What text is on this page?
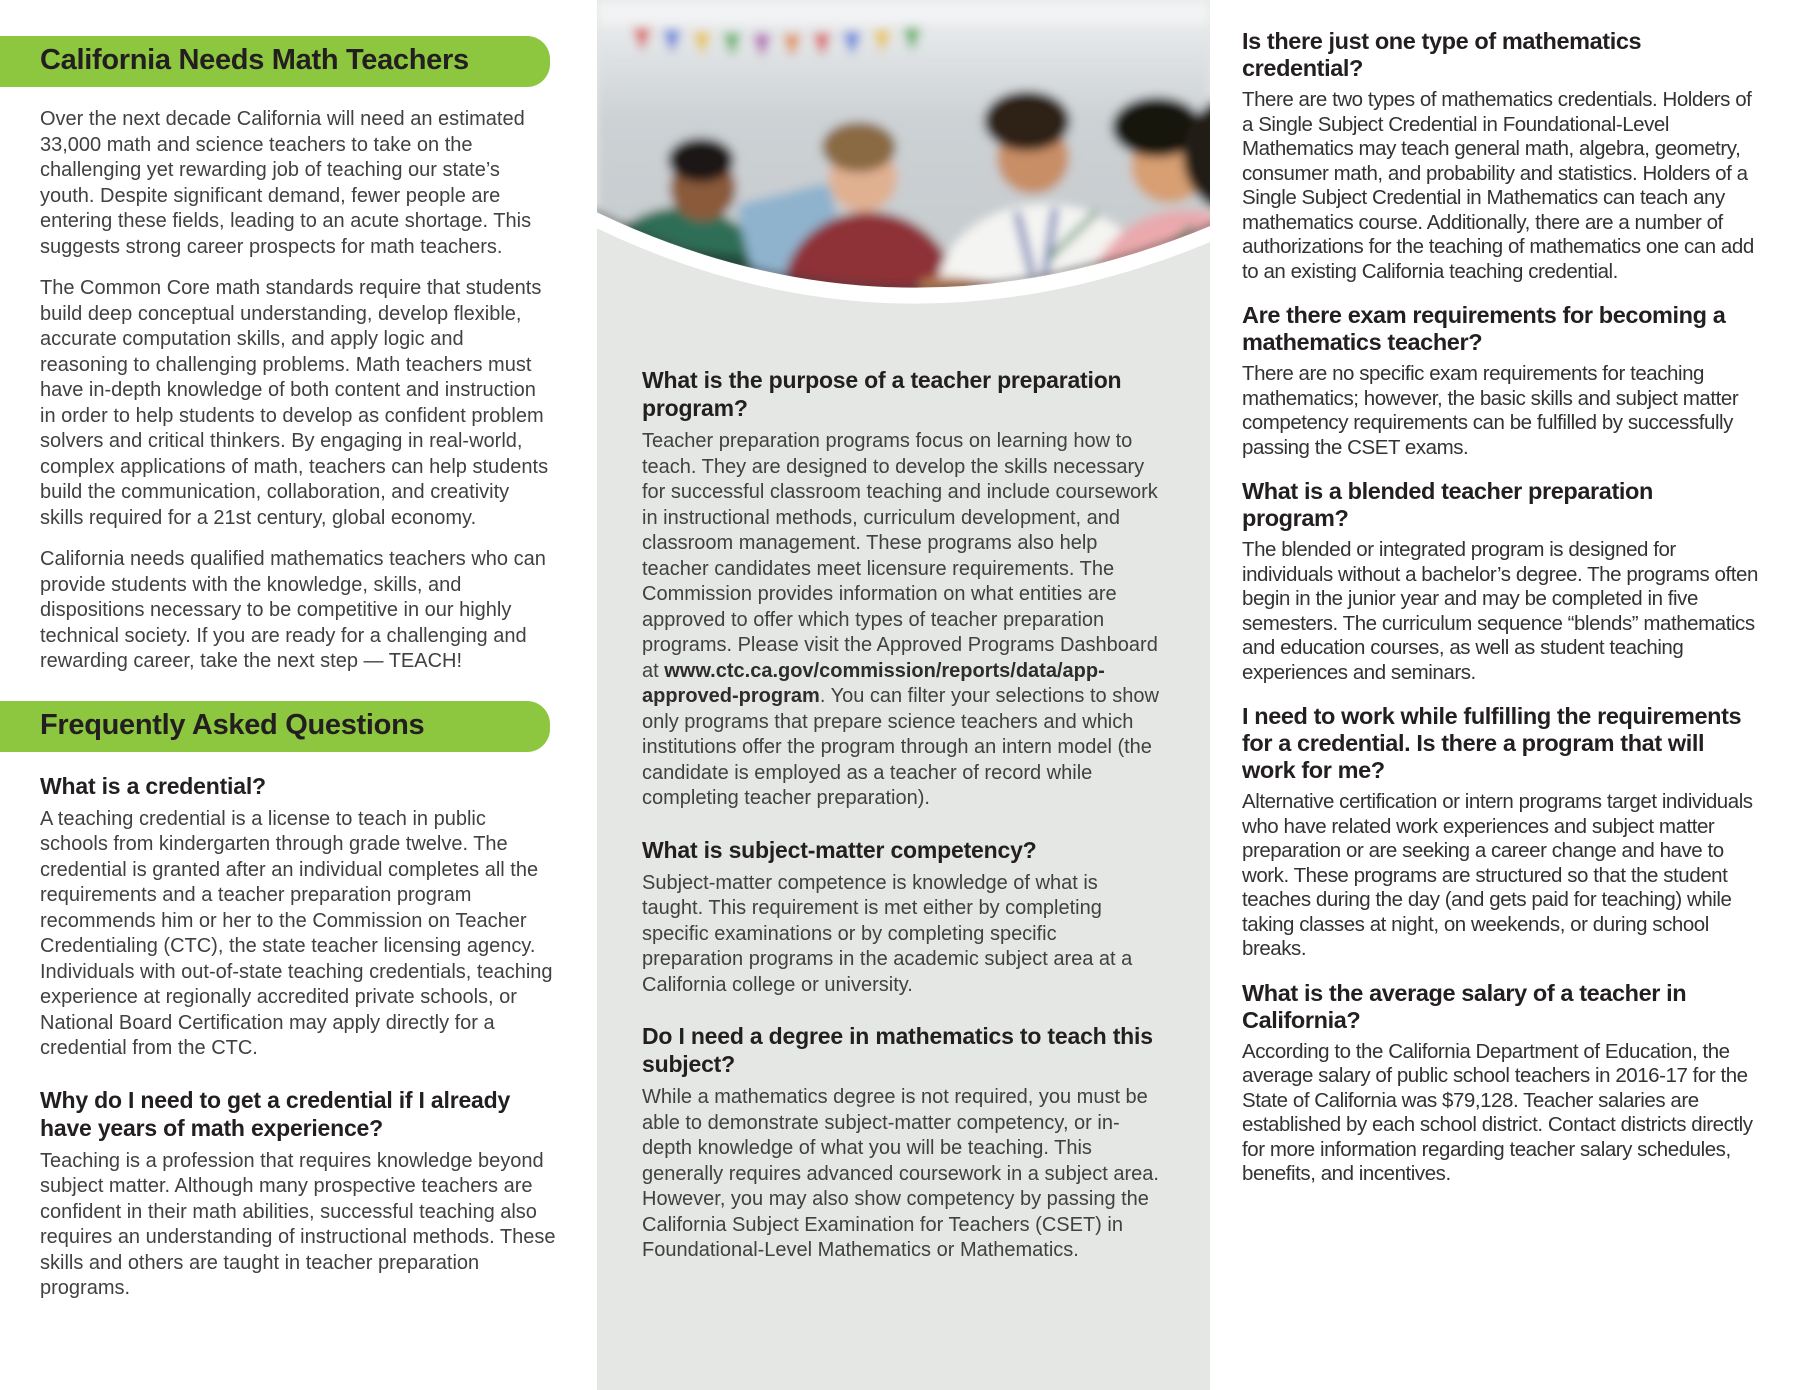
California Needs Math Teachers

Over the next decade California will need an estimated 33,000 math and science teachers to take on the challenging yet rewarding job of teaching our state’s youth. Despite significant demand, fewer people are entering these fields, leading to an acute shortage. This suggests strong career prospects for math teachers.

The Common Core math standards require that students build deep conceptual understanding, develop flexible, accurate computation skills, and apply logic and reasoning to challenging problems. Math teachers must have in-depth knowledge of both content and instruction in order to help students to develop as confident problem solvers and critical thinkers. By engaging in real-world, complex applications of math, teachers can help students build the communication, collaboration, and creativity skills required for a 21st century, global economy.

California needs qualified mathematics teachers who can provide students with the knowledge, skills, and dispositions necessary to be competitive in our highly technical society. If you are ready for a challenging and rewarding career, take the next step — TEACH!

Frequently Asked Questions
What is a credential?

A teaching credential is a license to teach in public schools from kindergarten through grade twelve. The credential is granted after an individual completes all the requirements and a teacher preparation program recommends him or her to the Commission on Teacher Credentialing (CTC), the state teacher licensing agency. Individuals with out-of-state teaching credentials, teaching experience at regionally accredited private schools, or National Board Certification may apply directly for a credential from the CTC.

Why do I need to get a credential if I already have years of math experience?

Teaching is a profession that requires knowledge beyond subject matter. Although many prospective teachers are confident in their math abilities, successful teaching also requires an understanding of instructional methods. These skills and others are taught in teacher preparation programs.

What is the purpose of a teacher preparation program?

Teacher preparation programs focus on learning how to teach. They are designed to develop the skills necessary for successful classroom teaching and include coursework in instructional methods, curriculum development, and classroom management. These programs also help teacher candidates meet licensure requirements. The Commission provides information on what entities are approved to offer which types of teacher preparation programs. Please visit the Approved Programs Dashboard at www.ctc.ca.gov/commission/reports/data/app-approved-program. You can filter your selections to show only programs that prepare science teachers and which institutions offer the program through an intern model (the candidate is employed as a teacher of record while completing teacher preparation).

What is subject-matter competency?

Subject-matter competence is knowledge of what is taught. This requirement is met either by completing specific examinations or by completing specific preparation programs in the academic subject area at a California college or university.

Do I need a degree in mathematics to teach this subject?

While a mathematics degree is not required, you must be able to demonstrate subject-matter competency, or in-depth knowledge of what you will be teaching. This generally requires advanced coursework in a subject area. However, you may also show competency by passing the California Subject Examination for Teachers (CSET) in Foundational-Level Mathematics or Mathematics.

Is there just one type of mathematics credential?

There are two types of mathematics credentials. Holders of a Single Subject Credential in Foundational-Level Mathematics may teach general math, algebra, geometry, consumer math, and probability and statistics. Holders of a Single Subject Credential in Mathematics can teach any mathematics course. Additionally, there are a number of authorizations for the teaching of mathematics one can add to an existing California teaching credential.

Are there exam requirements for becoming a mathematics teacher?

There are no specific exam requirements for teaching mathematics; however, the basic skills and subject matter competency requirements can be fulfilled by successfully passing the CSET exams.

What is a blended teacher preparation program?

The blended or integrated program is designed for individuals without a bachelor’s degree. The programs often begin in the junior year and may be completed in five semesters. The curriculum sequence “blends” mathematics and education courses, as well as student teaching experiences and seminars.

I need to work while fulfilling the requirements for a credential. Is there a program that will work for me?

Alternative certification or intern programs target individuals who have related work experiences and subject matter preparation or are seeking a career change and have to work. These programs are structured so that the student teaches during the day (and gets paid for teaching) while taking classes at night, on weekends, or during school breaks.

What is the average salary of a teacher in California?

According to the California Department of Education, the average salary of public school teachers in 2016-17 for the State of California was $79,128. Teacher salaries are established by each school district. Contact districts directly for more information regarding teacher salary schedules, benefits, and incentives.
